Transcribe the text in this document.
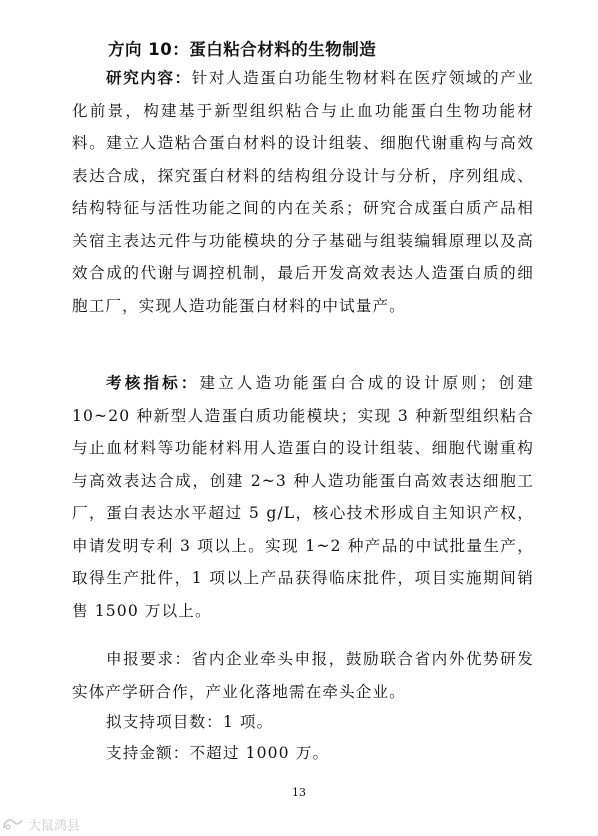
方向 10：蛋白粘合材料的生物制造

研究内容：针对人造蛋白功能生物材料在医疗领域的产业化前景，构建基于新型组织粘合与止血功能蛋白生物功能材料。建立人造粘合蛋白材料的设计组装、细胞代谢重构与高效表达合成，探究蛋白材料的结构组分设计与分析，序列组成、结构特征与活性功能之间的内在关系；研究合成蛋白质产品相关宿主表达元件与功能模块的分子基础与组装编辑原理以及高效合成的代谢与调控机制，最后开发高效表达人造蛋白质的细胞工厂，实现人造功能蛋白材料的中试量产。

考核指标：建立人造功能蛋白合成的设计原则；创建 10~20 种新型人造蛋白质功能模块；实现 3 种新型组织粘合与止血材料等功能材料用人造蛋白的设计组装、细胞代谢重构与高效表达合成，创建 2~3 种人造功能蛋白高效表达细胞工厂，蛋白表达水平超过 5 g/L，核心技术形成自主知识产权，申请发明专利 3 项以上。实现 1~2 种产品的中试批量生产，取得生产批件，1 项以上产品获得临床批件，项目实施期间销售 1500 万以上。

申报要求：省内企业牵头申报，鼓励联合省内外优势研发实体产学研合作，产业化落地需在牵头企业。

拟支持项目数：1 项。

支持金额：不超过 1000 万。

13
大鼠鸿县
